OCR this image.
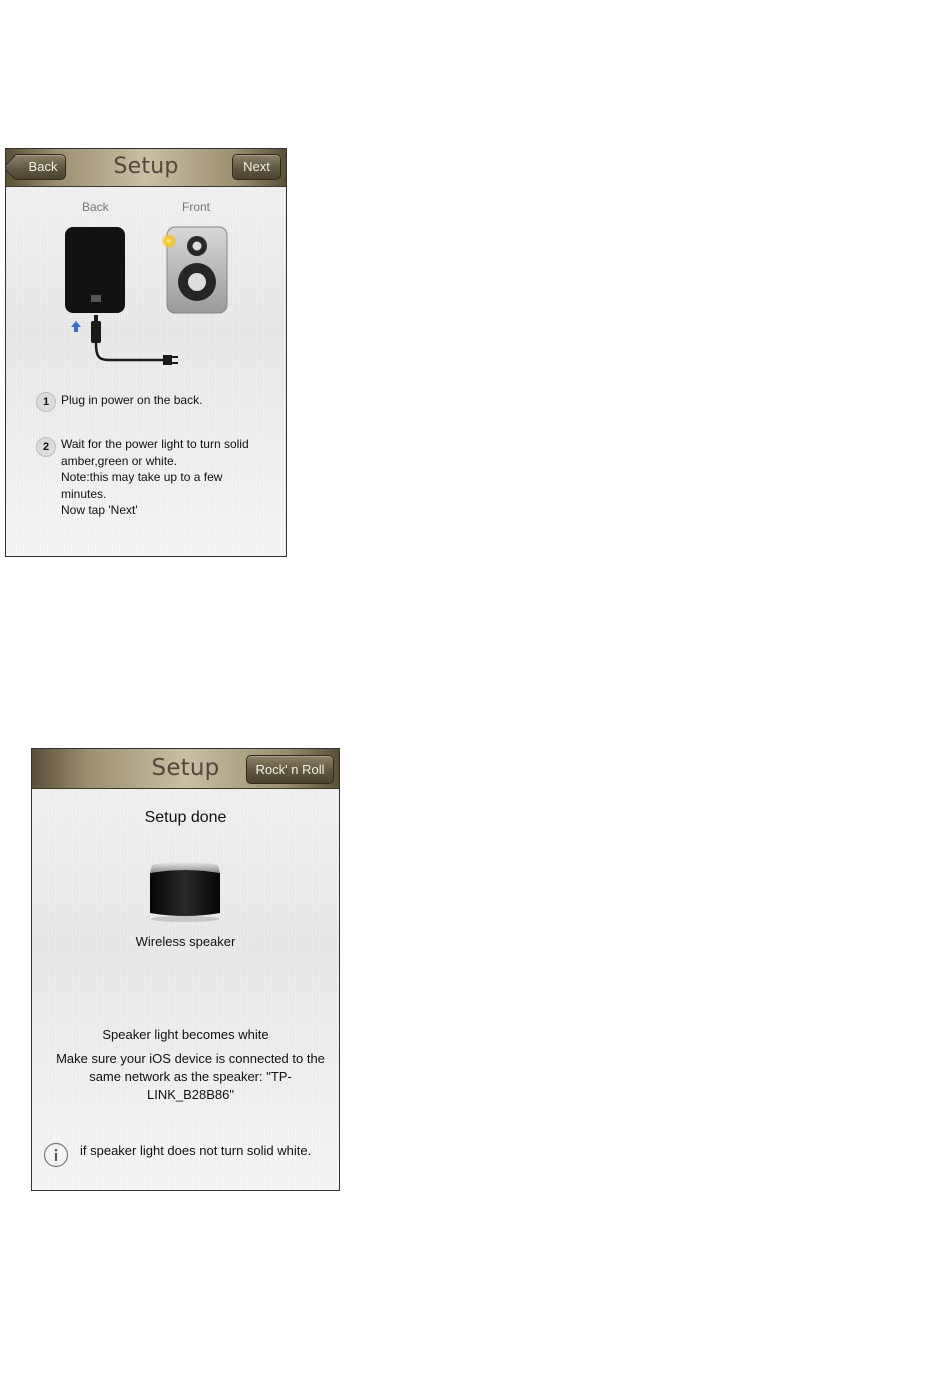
Back	Setup	Next
Back	Front
1 Plug in power on the back.
2 Wait for the power light to turn solid
amber,green or white.
Note:this may take up to a few
minutes.
Now tap 'Next'
Setup	Rock' n Roll
Setup done
Wireless speaker
Speaker light becomes white
Make sure your iOS device is connected to the
same network as the speaker: "TP-
LINK_B28B86"
if speaker light does not turn solid white.
